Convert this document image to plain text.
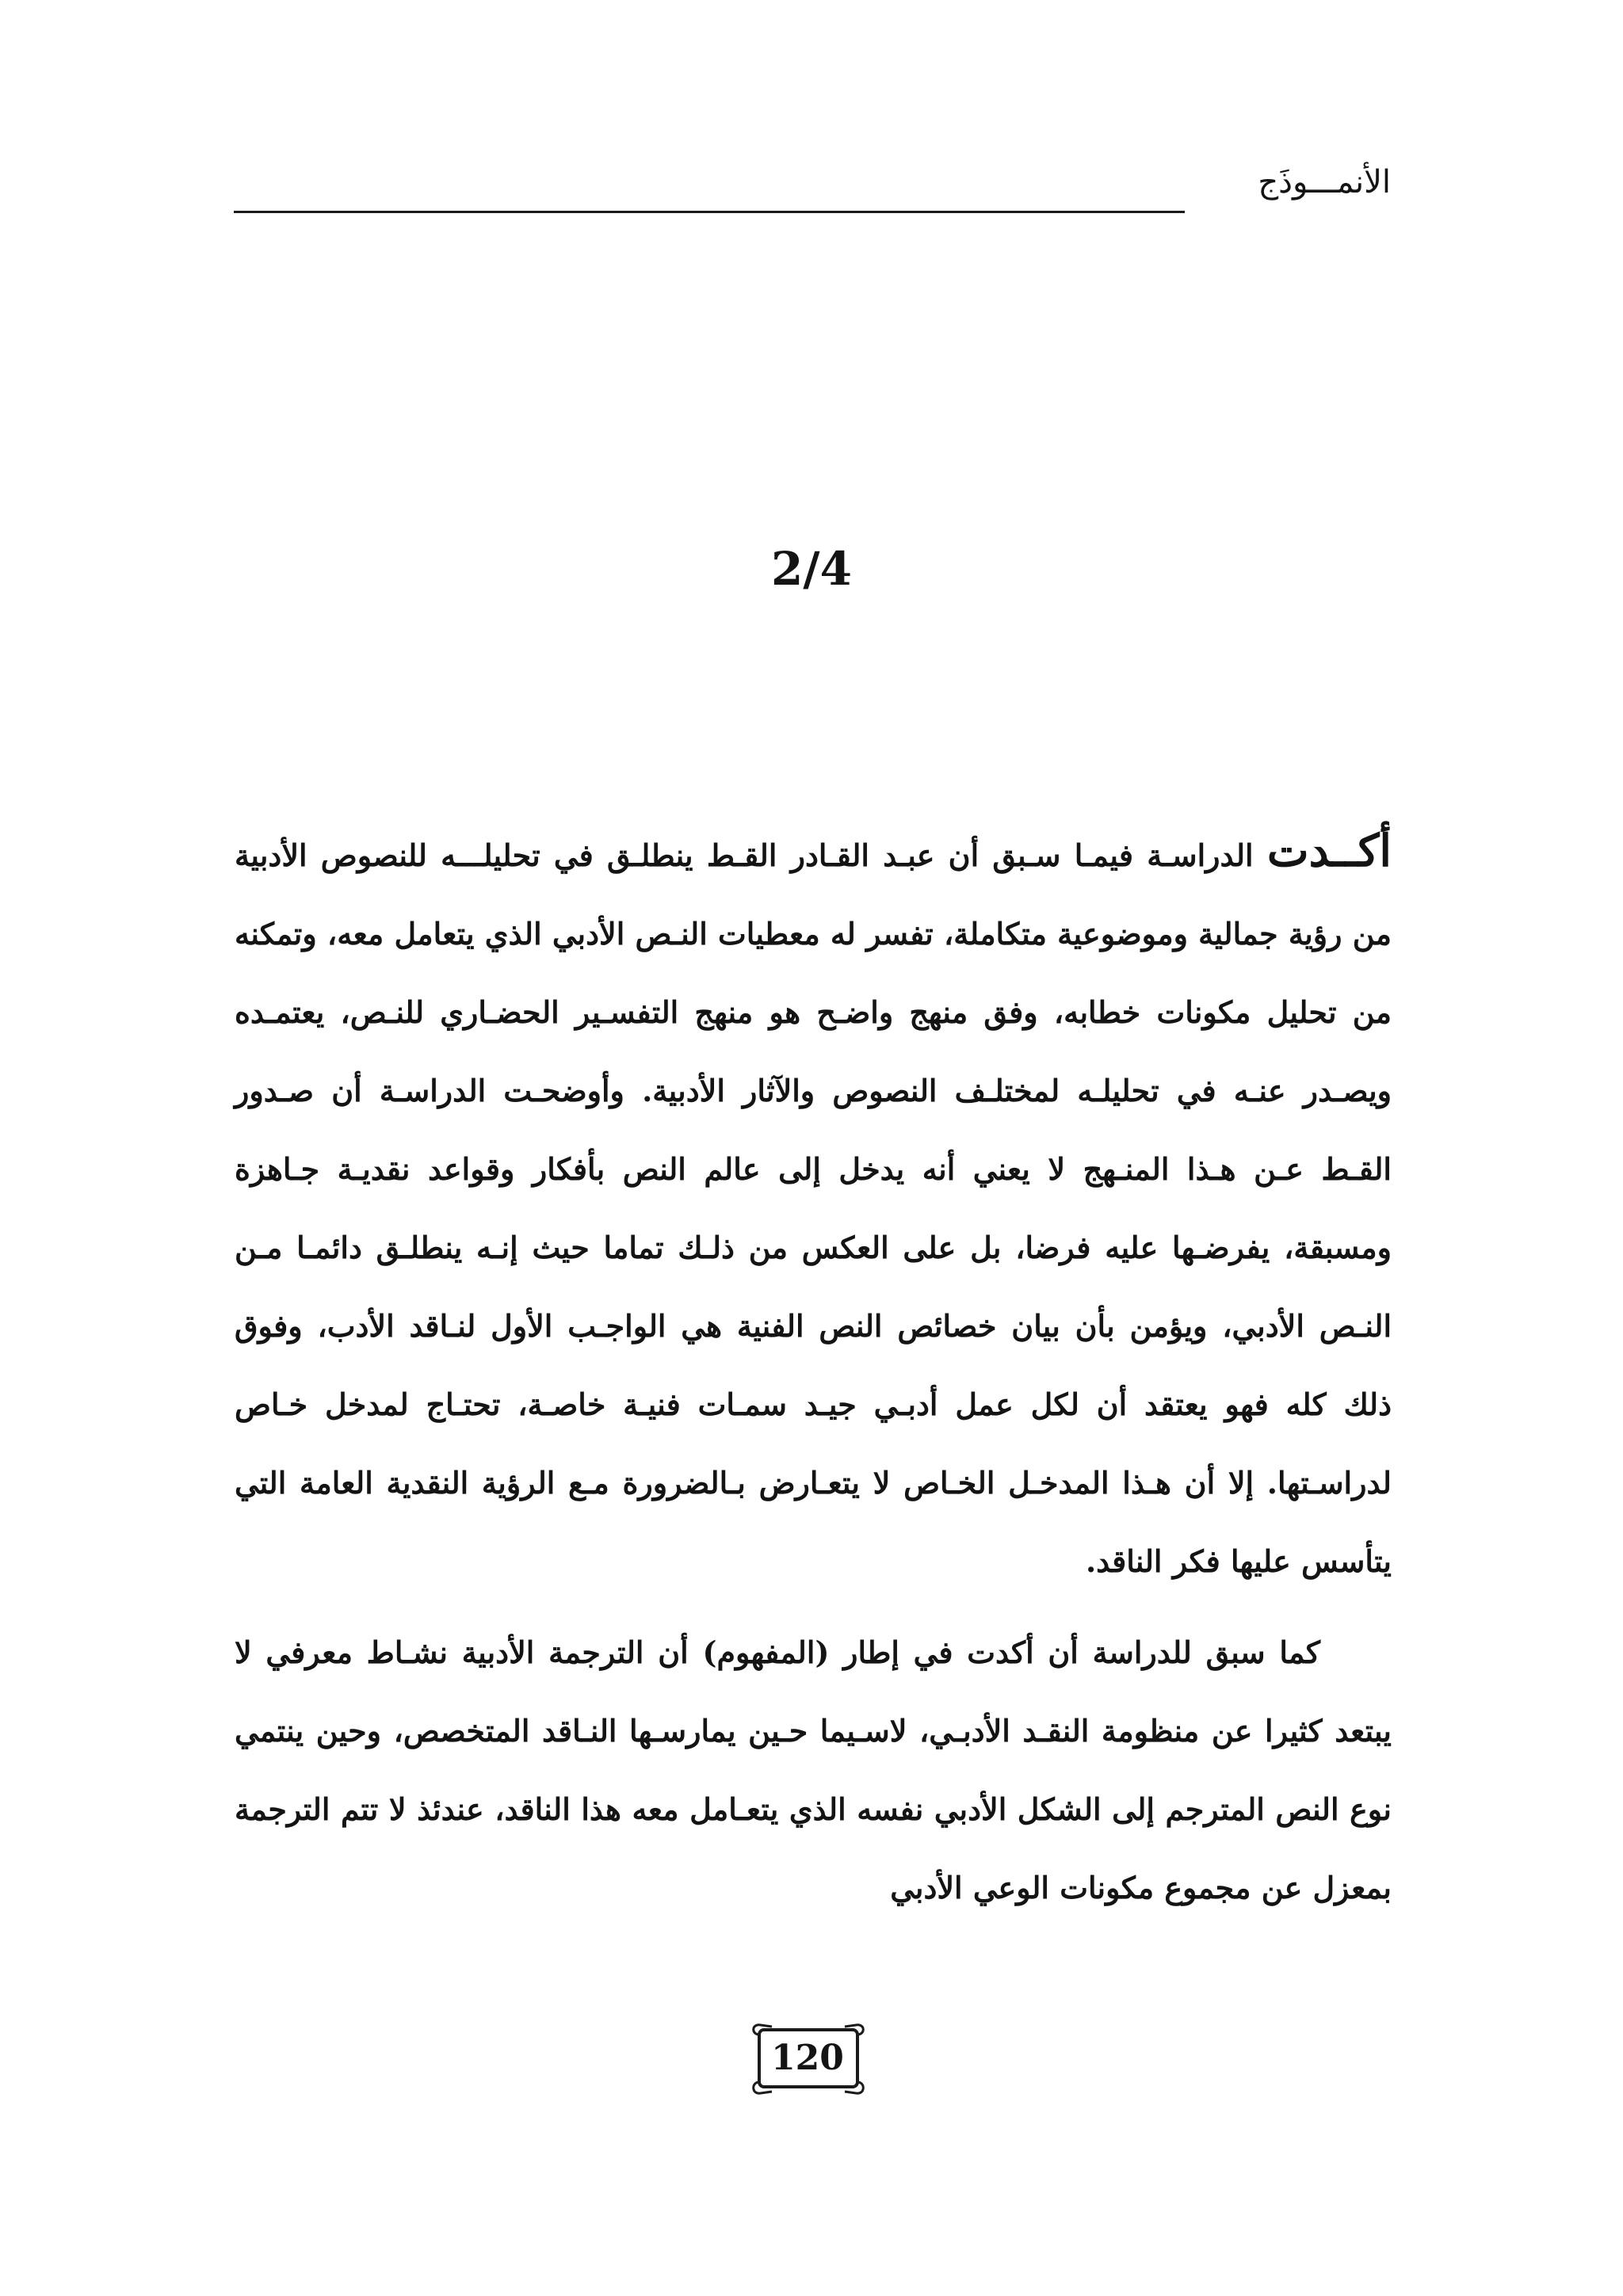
الأنمـــوذَج
2/4

أكــدت الدراسـة فيمـا سـبق أن عبـد القـادر القـط ينطلـق في تحليلـــه للنصوص الأدبية من رؤية جمالية وموضوعية متكاملة، تفسر له معطيات النـص الأدبي الذي يتعامل معه، وتمكنه من تحليل مكونات خطابه، وفق منهج واضـح هو منهج التفسـير الحضـاري للنـص، يعتمـده ويصـدر عنـه في تحليلـه لمختلـف النصوص والآثار الأدبية. وأوضحـت الدراسـة أن صـدور القـط عـن هـذا المنـهج لا يعني أنه يدخل إلى عالم النص بأفكار وقواعد نقديـة جـاهزة ومسبقة، يفرضـها عليه فرضا، بل على العكس من ذلـك تماما حيث إنـه ينطلـق دائمـا مـن النـص الأدبي، ويؤمن بأن بيان خصائص النص الفنية هي الواجـب الأول لنـاقد الأدب، وفوق ذلك كله فهو يعتقد أن لكل عمل أدبـي جيـد سمـات فنيـة خاصـة، تحتـاج لمدخل خـاص لدراسـتها. إلا أن هـذا المدخـل الخـاص لا يتعـارض بـالضرورة مـع الرؤية النقدية العامة التي يتأسس عليها فكر الناقد.

كما سبق للدراسة أن أكدت في إطار (المفهوم) أن الترجمة الأدبية نشـاط معرفي لا يبتعد كثيرا عن منظومة النقـد الأدبـي، لاسـيما حـين يمارسـها النـاقد المتخصص، وحين ينتمي نوع النص المترجم إلى الشكل الأدبي نفسه الذي يتعـامل معه هذا الناقد، عندئذ لا تتم الترجمة بمعزل عن مجموع مكونات الوعي الأدبي

120
